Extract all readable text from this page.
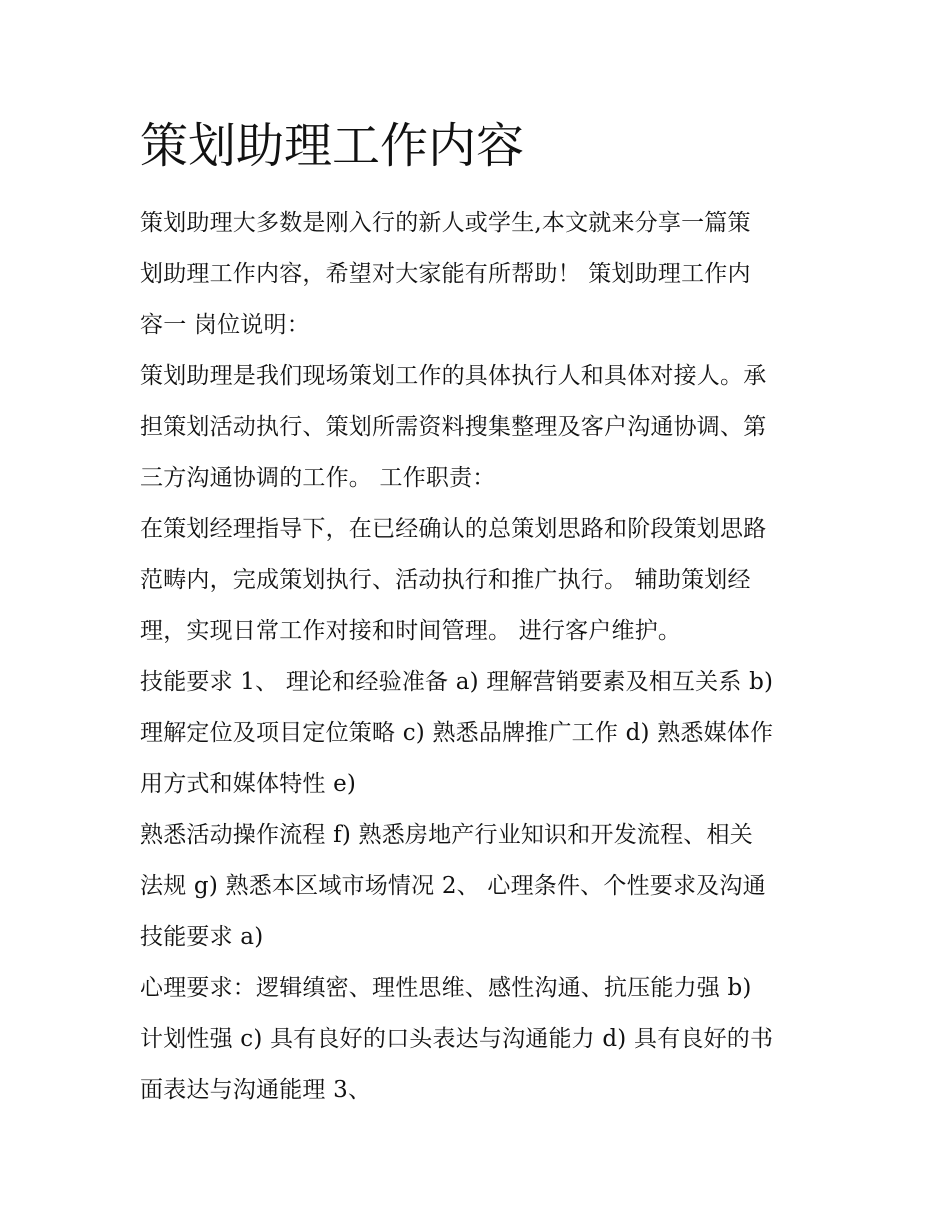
策划助理工作内容
策划助理大多数是刚入行的新人或学生,本文就来分享一篇策
划助理工作内容，希望对大家能有所帮助！ 策划助理工作内
容一 岗位说明：
策划助理是我们现场策划工作的具体执行人和具体对接人。承
担策划活动执行、策划所需资料搜集整理及客户沟通协调、第
三方沟通协调的工作。 工作职责：
在策划经理指导下，在已经确认的总策划思路和阶段策划思路
范畴内，完成策划执行、活动执行和推广执行。 辅助策划经
理，实现日常工作对接和时间管理。 进行客户维护。
技能要求 1、 理论和经验准备 a) 理解营销要素及相互关系 b)
理解定位及项目定位策略 c) 熟悉品牌推广工作 d) 熟悉媒体作
用方式和媒体特性 e)
熟悉活动操作流程 f) 熟悉房地产行业知识和开发流程、相关
法规 g) 熟悉本区域市场情况 2、 心理条件、个性要求及沟通
技能要求 a)
心理要求：逻辑缜密、理性思维、感性沟通、抗压能力强 b)
计划性强 c) 具有良好的口头表达与沟通能力 d) 具有良好的书
面表达与沟通能理 3、
